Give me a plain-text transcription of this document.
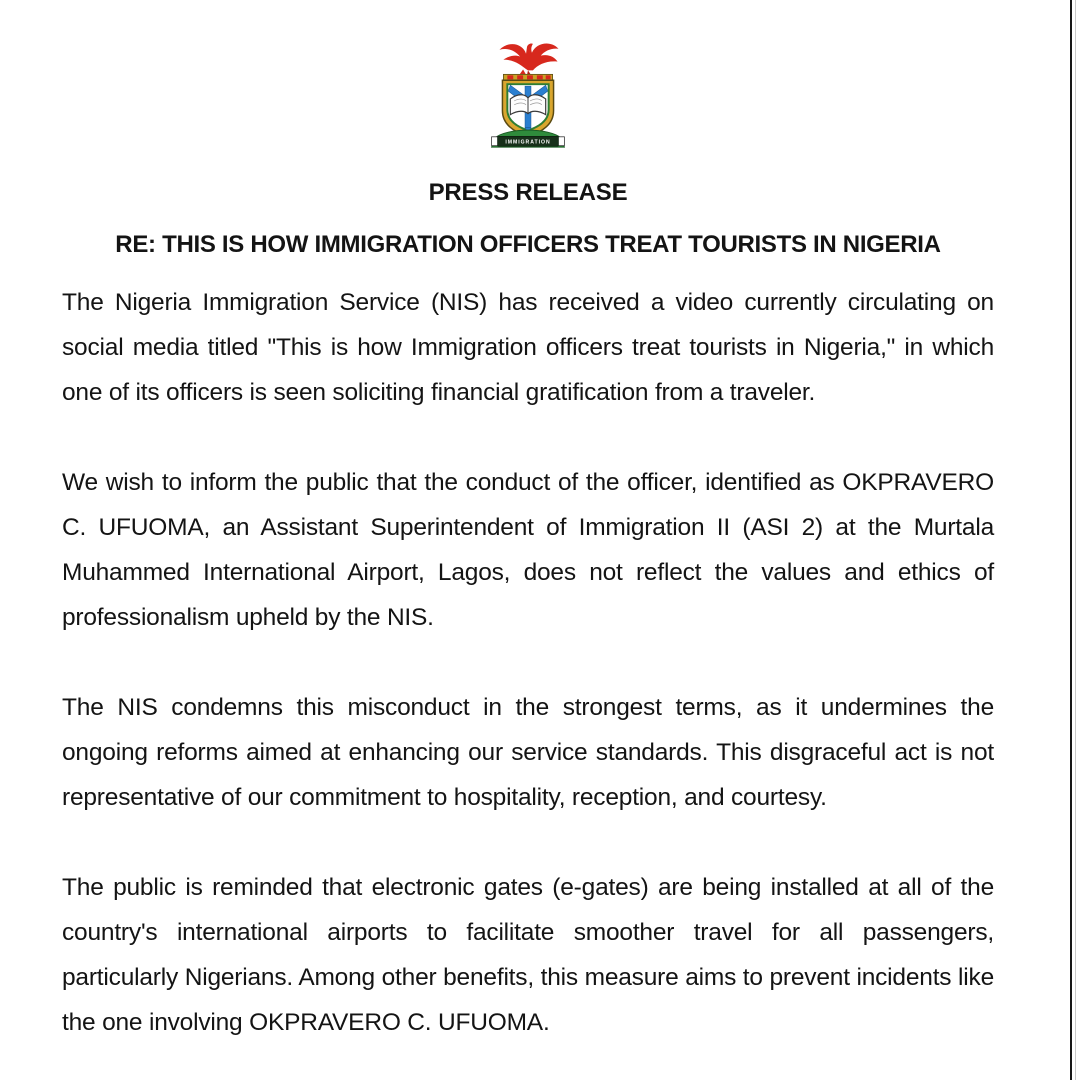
IMMIGRATION
PRESS RELEASE
RE: THIS IS HOW IMMIGRATION OFFICERS TREAT TOURISTS IN NIGERIA

The Nigeria Immigration Service (NIS) has received a video currently circulating on social media titled "This is how Immigration officers treat tourists in Nigeria," in which one of its officers is seen soliciting financial gratification from a traveler.

We wish to inform the public that the conduct of the officer, identified as OKPRAVERO C. UFUOMA, an Assistant Superintendent of Immigration II (ASI 2) at the Murtala Muhammed International Airport, Lagos, does not reflect the values and ethics of professionalism upheld by the NIS.

The NIS condemns this misconduct in the strongest terms, as it undermines the ongoing reforms aimed at enhancing our service standards. This disgraceful act is not representative of our commitment to hospitality, reception, and courtesy.

The public is reminded that electronic gates (e-gates) are being installed at all of the country's international airports to facilitate smoother travel for all passengers, particularly Nigerians. Among other benefits, this measure aims to prevent incidents like the one involving OKPRAVERO C. UFUOMA.
